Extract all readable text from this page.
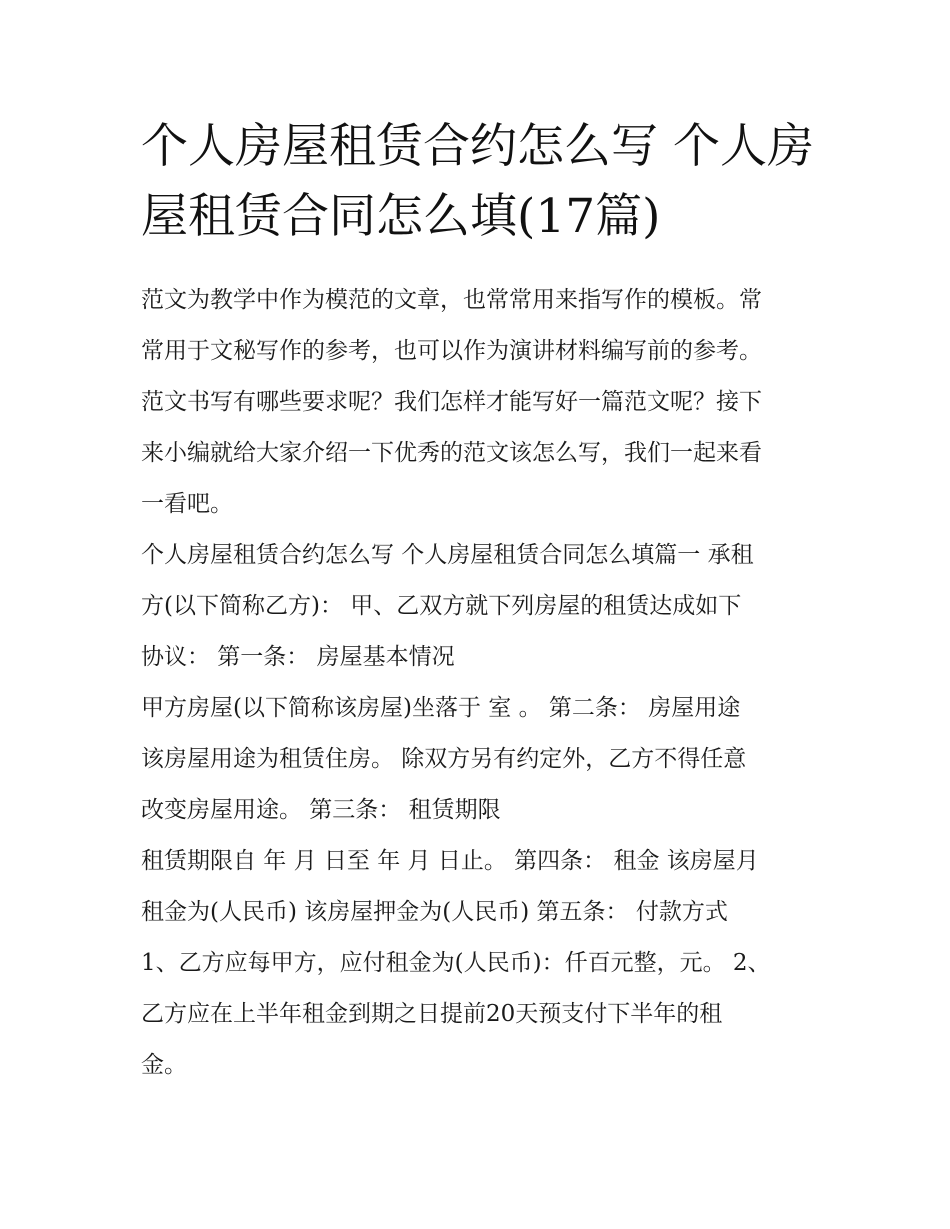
个人房屋租赁合约怎么写 个人房屋租赁合同怎么填(17篇)
范文为教学中作为模范的文章，也常常用来指写作的模板。常
常用于文秘写作的参考，也可以作为演讲材料编写前的参考。
范文书写有哪些要求呢？我们怎样才能写好一篇范文呢？接下
来小编就给大家介绍一下优秀的范文该怎么写，我们一起来看
一看吧。
个人房屋租赁合约怎么写 个人房屋租赁合同怎么填篇一 承租
方(以下简称乙方)： 甲、乙双方就下列房屋的租赁达成如下
协议： 第一条： 房屋基本情况
甲方房屋(以下简称该房屋)坐落于 室 。 第二条： 房屋用途
该房屋用途为租赁住房。 除双方另有约定外，乙方不得任意
改变房屋用途。 第三条： 租赁期限
租赁期限自 年 月 日至 年 月 日止。 第四条： 租金 该房屋月
租金为(人民币) 该房屋押金为(人民币) 第五条： 付款方式
1、乙方应每甲方，应付租金为(人民币)：仟百元整，元。 2、
乙方应在上半年租金到期之日提前20天预支付下半年的租
金。
